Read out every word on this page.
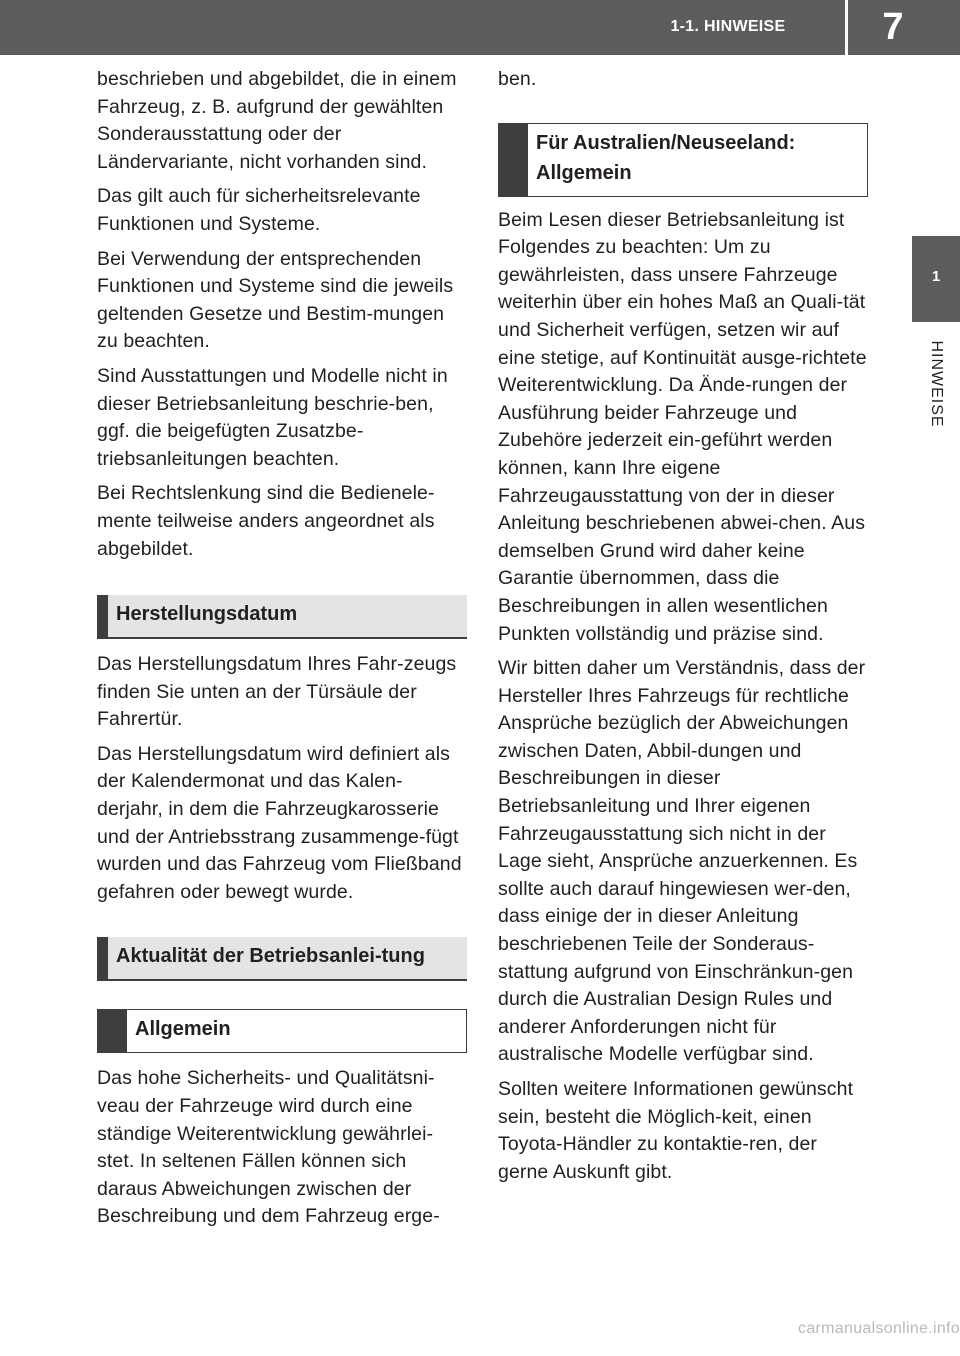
1-1. HINWEISE	7
1
HINWEISE

beschrieben und abgebildet, die in einem Fahrzeug, z. B. aufgrund der gewählten Sonderausstattung oder der Ländervariante, nicht vorhanden sind.

Das gilt auch für sicherheitsrelevante Funktionen und Systeme.

Bei Verwendung der entsprechenden Funktionen und Systeme sind die jeweils geltenden Gesetze und Bestim-mungen zu beachten.

Sind Ausstattungen und Modelle nicht in dieser Betriebsanleitung beschrie-ben, ggf. die beigefügten Zusatzbe-triebsanleitungen beachten.

Bei Rechtslenkung sind die Bedienele-mente teilweise anders angeordnet als abgebildet.

Herstellungsdatum

Das Herstellungsdatum Ihres Fahr-zeugs finden Sie unten an der Türsäule der Fahrertür.

Das Herstellungsdatum wird definiert als der Kalendermonat und das Kalen-derjahr, in dem die Fahrzeugkarosserie und der Antriebsstrang zusammenge-fügt wurden und das Fahrzeug vom Fließband gefahren oder bewegt wurde.

Aktualität der Betriebsanlei-tung
Allgemein

Das hohe Sicherheits- und Qualitätsni-veau der Fahrzeuge wird durch eine ständige Weiterentwicklung gewährlei-stet. In seltenen Fällen können sich daraus Abweichungen zwischen der Beschreibung und dem Fahrzeug erge-

ben.

Für Australien/Neuseeland: Allgemein

Beim Lesen dieser Betriebsanleitung ist Folgendes zu beachten: Um zu gewährleisten, dass unsere Fahrzeuge weiterhin über ein hohes Maß an Quali-tät und Sicherheit verfügen, setzen wir auf eine stetige, auf Kontinuität ausge-richtete Weiterentwicklung. Da Ände-rungen der Ausführung beider Fahrzeuge und Zubehöre jederzeit ein-geführt werden können, kann Ihre eigene Fahrzeugausstattung von der in dieser Anleitung beschriebenen abwei-chen. Aus demselben Grund wird daher keine Garantie übernommen, dass die Beschreibungen in allen wesentlichen Punkten vollständig und präzise sind.

Wir bitten daher um Verständnis, dass der Hersteller Ihres Fahrzeugs für rechtliche Ansprüche bezüglich der Abweichungen zwischen Daten, Abbil-dungen und Beschreibungen in dieser Betriebsanleitung und Ihrer eigenen Fahrzeugausstattung sich nicht in der Lage sieht, Ansprüche anzuerkennen. Es sollte auch darauf hingewiesen wer-den, dass einige der in dieser Anleitung beschriebenen Teile der Sonderaus-stattung aufgrund von Einschränkun-gen durch die Australian Design Rules und anderer Anforderungen nicht für australische Modelle verfügbar sind.

Sollten weitere Informationen gewünscht sein, besteht die Möglich-keit, einen Toyota-Händler zu kontaktie-ren, der gerne Auskunft gibt.

carmanualsonline.info
